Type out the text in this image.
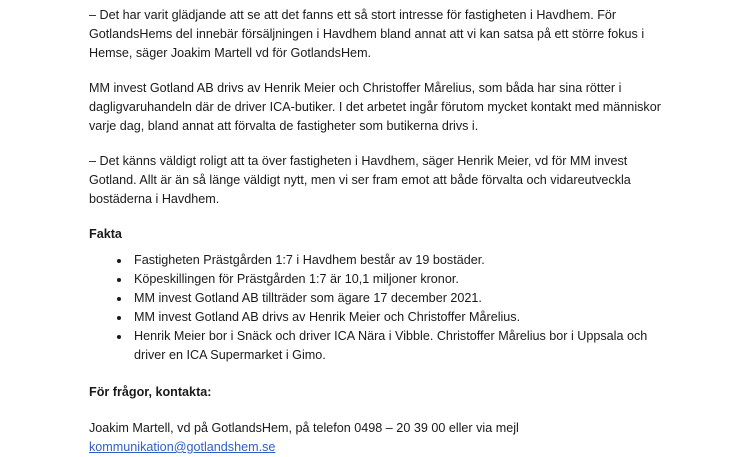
– Det har varit glädjande att se att det fanns ett så stort intresse för fastigheten i Havdhem. För GotlandsHems del innebär försäljningen i Havdhem bland annat att vi kan satsa på ett större fokus i Hemse, säger Joakim Martell vd för GotlandsHem.

MM invest Gotland AB drivs av Henrik Meier och Christoffer Mårelius, som båda har sina rötter i dagligvaruhandeln där de driver ICA-butiker. I det arbetet ingår förutom mycket kontakt med människor varje dag, bland annat att förvalta de fastigheter som butikerna drivs i.

– Det känns väldigt roligt att ta över fastigheten i Havdhem, säger Henrik Meier, vd för MM invest Gotland. Allt är än så länge väldigt nytt, men vi ser fram emot att både förvalta och vidareutveckla bostäderna i Havdhem.

Fakta
• Fastigheten Prästgården 1:7 i Havdhem består av 19 bostäder.
• Köpeskillingen för Prästgården 1:7 är 10,1 miljoner kronor.
• MM invest Gotland AB tillträder som ägare 17 december 2021.
• MM invest Gotland AB drivs av Henrik Meier och Christoffer Mårelius.
• Henrik Meier bor i Snäck och driver ICA Nära i Vibble. Christoffer Mårelius bor i Uppsala och driver en ICA Supermarket i Gimo.
För frågor, kontakta:
Joakim Martell, vd på GotlandsHem, på telefon 0498 – 20 39 00 eller via mejl
kommunikation@gotlandshem.se
